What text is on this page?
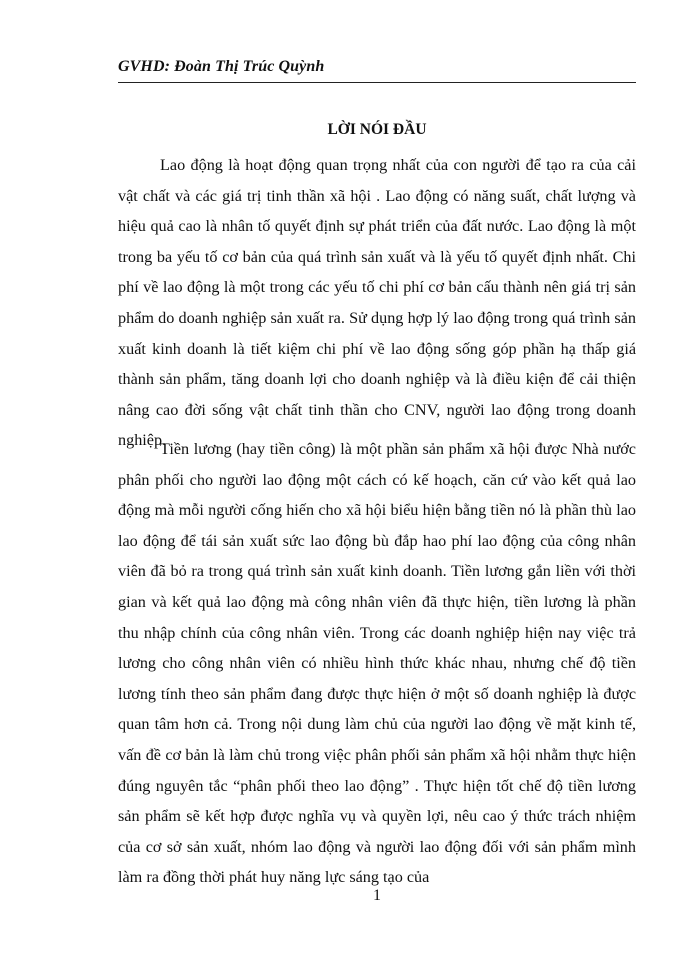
GVHD: Đoàn Thị Trúc Quỳnh
LỜI NÓI ĐẦU
Lao động là hoạt động quan trọng nhất của con người để tạo ra của cải vật chất và các giá trị tinh thần xã hội . Lao động có năng suất, chất lượng và hiệu quả cao là nhân tố quyết định sự phát triển của đất nước. Lao động là một trong ba yếu tố cơ bản của quá trình sản xuất và là yếu tố quyết định nhất. Chi phí về lao động là một trong các yếu tố chi phí cơ bản cấu thành nên giá trị sản phẩm do doanh nghiệp sản xuất ra. Sử dụng hợp lý lao động trong quá trình sản xuất kinh doanh là tiết kiệm chi phí về lao động sống góp phần hạ thấp giá thành sản phẩm, tăng doanh lợi cho doanh nghiệp và là điều kiện để cải thiện nâng cao đời sống vật chất tinh thần cho CNV, người lao động trong doanh nghiệp.
Tiền lương (hay tiền công) là một phần sản phẩm xã hội được Nhà nước phân phối cho người lao động một cách có kế hoạch, căn cứ vào kết quả lao động mà mỗi người cống hiến cho xã hội biểu hiện bằng tiền nó là phần thù lao lao động để tái sản xuất sức lao động bù đắp hao phí lao động của công nhân viên đã bỏ ra trong quá trình sản xuất kinh doanh. Tiền lương gắn liền với thời gian và kết quả lao động mà công nhân viên đã thực hiện, tiền lương là phần thu nhập chính của công nhân viên. Trong các doanh nghiệp hiện nay việc trả lương cho công nhân viên có nhiều hình thức khác nhau, nhưng chế độ tiền lương tính theo sản phẩm đang được thực hiện ở một số doanh nghiệp là được quan tâm hơn cả. Trong nội dung làm chủ của người lao động về mặt kinh tế, vấn đề cơ bản là làm chủ trong việc phân phối sản phẩm xã hội nhằm thực hiện đúng nguyên tắc “phân phối theo lao động” . Thực hiện tốt chế độ tiền lương sản phẩm sẽ kết hợp được nghĩa vụ và quyền lợi, nêu cao ý thức trách nhiệm của cơ sở sản xuất, nhóm lao động và người lao động đối với sản phẩm mình làm ra đồng thời phát huy năng lực sáng tạo của
1
